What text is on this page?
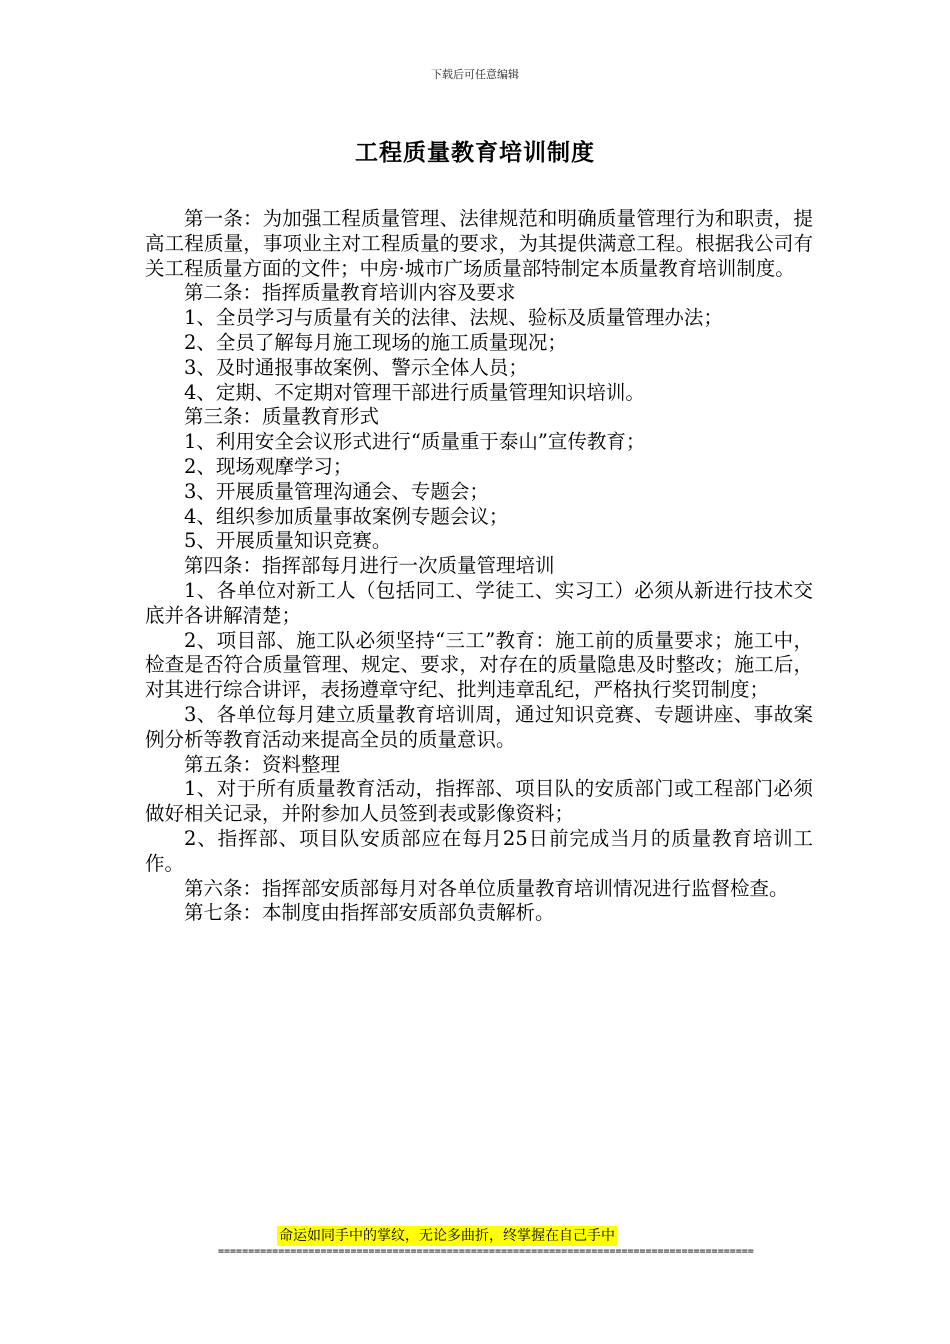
下载后可任意编辑
工程质量教育培训制度

第一条：为加强工程质量管理、法律规范和明确质量管理行为和职责，提高工程质量，事项业主对工程质量的要求，为其提供满意工程。根据我公司有关工程质量方面的文件；中房·城市广场质量部特制定本质量教育培训制度。

第二条：指挥质量教育培训内容及要求

1、全员学习与质量有关的法律、法规、验标及质量管理办法；

2、全员了解每月施工现场的施工质量现况；

3、及时通报事故案例、警示全体人员；

4、定期、不定期对管理干部进行质量管理知识培训。

第三条：质量教育形式

1、利用安全会议形式进行“质量重于泰山”宣传教育；

2、现场观摩学习；

3、开展质量管理沟通会、专题会；

4、组织参加质量事故案例专题会议；

5、开展质量知识竞赛。

第四条：指挥部每月进行一次质量管理培训

1、各单位对新工人（包括同工、学徒工、实习工）必须从新进行技术交底并各讲解清楚；

2、项目部、施工队必须坚持“三工”教育：施工前的质量要求；施工中，检查是否符合质量管理、规定、要求，对存在的质量隐患及时整改；施工后，对其进行综合讲评，表扬遵章守纪、批判违章乱纪，严格执行奖罚制度；

3、各单位每月建立质量教育培训周，通过知识竞赛、专题讲座、事故案例分析等教育活动来提高全员的质量意识。

第五条：资料整理

1、对于所有质量教育活动，指挥部、项目队的安质部门或工程部门必须做好相关记录，并附参加人员签到表或影像资料；

2、指挥部、项目队安质部应在每月25日前完成当月的质量教育培训工作。

第六条：指挥部安质部每月对各单位质量教育培训情况进行监督检查。

第七条：本制度由指挥部安质部负责解析。

命运如同手中的掌纹，无论多曲折，终掌握在自己手中
=========================================================================================
